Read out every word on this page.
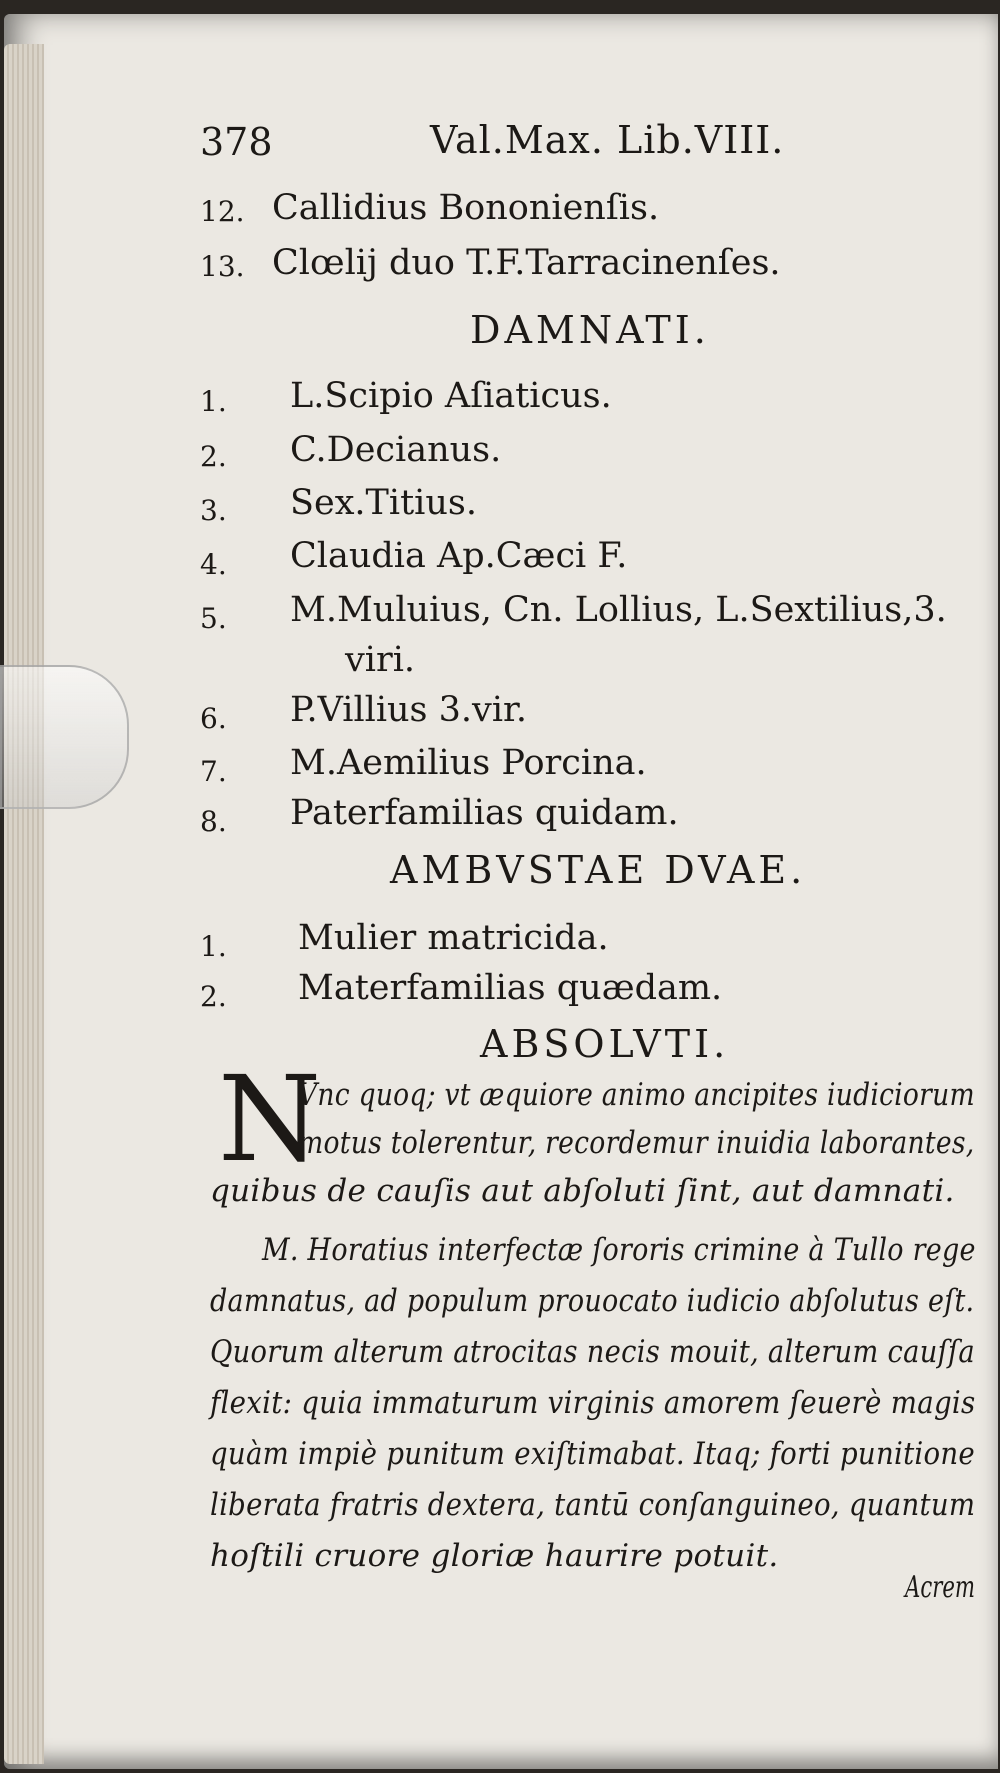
378	Val.Max. Lib.VIII.
12. Callidius Bononienſis.
13. Clœlij duo T.F.Tarracinenſes.
DAMNATI.
1. L.Scipio Aſiaticus.
2. C.Decianus.
3. Sex.Titius.
4. Claudia Ap.Cæci F.
5. M.Muluius, Cn. Lollius, L.Sextilius,3.
viri.
6. P.Villius 3.vir.
7. M.Aemilius Porcina.
8. Paterfamilias quidam.
AMBVSTAE DVAE.
1. Mulier matricida.
2. Materfamilias quædam.
ABSOLVTI.
N
Vnc quoq; vt æquiore animo ancipites iudiciorum
motus tolerentur, recordemur inuidia laborantes,
quibus de cauſis aut abſoluti ſint, aut damnati.
M. Horatius interfectæ ſororis crimine à Tullo rege
damnatus, ad populum prouocato iudicio abſolutus eſt.
Quorum alterum atrocitas necis mouit, alterum cauſſa
flexit: quia immaturum virginis amorem ſeuerè magis
quàm impiè punitum exiſtimabat. Itaq; forti punitione
liberata fratris dextera, tantū conſanguineo, quantum
hoſtili cruore gloriæ haurire potuit.
Acrem
